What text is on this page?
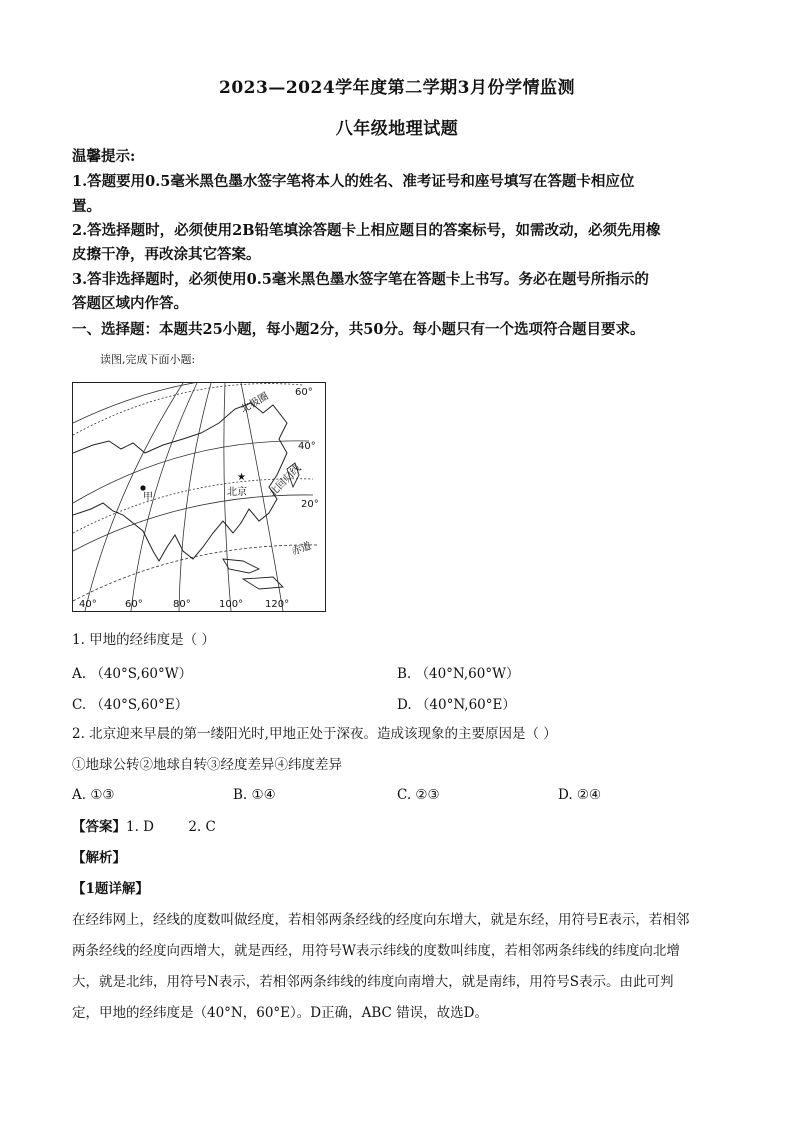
2023—2024学年度第二学期3月份学情监测
八年级地理试题
温馨提示:
1.答题要用0.5毫米黑色墨水签字笔将本人的姓名、准考证号和座号填写在答题卡相应位
置。
2.答选择题时，必须使用2B铅笔填涂答题卡上相应题目的答案标号，如需改动，必须先用橡
皮擦干净，再改涂其它答案。
3.答非选择题时，必须使用0.5毫米黑色墨水签字笔在答题卡上书写。务必在题号所指示的
答题区域内作答。
一、选择题：本题共25小题，每小题2分，共50分。每小题只有一个选项符合题目要求。
读图,完成下面小题:
甲
★
北京
北极圈
北回归线
赤道
60°
40°
20°
40°	60°	80°	100° 120°
1. 甲地的经纬度是（ ）
A. （40°S,60°W）	B. （40°N,60°W）
C. （40°S,60°E）	D. （40°N,60°E）
2. 北京迎来早晨的第一缕阳光时,甲地正处于深夜。造成该现象的主要原因是（ ）
①地球公转②地球自转③经度差异④纬度差异
A. ①③	B. ①④	C. ②③	D. ②④
【答案】1. D        2. C
【解析】
【1题详解】
在经纬网上，经线的度数叫做经度，若相邻两条经线的经度向东增大，就是东经，用符号E表示，若相邻
两条经线的经度向西增大，就是西经，用符号W表示纬线的度数叫纬度，若相邻两条纬线的纬度向北增
大，就是北纬，用符号N表示，若相邻两条纬线的纬度向南增大，就是南纬，用符号S表示。由此可判
定，甲地的经纬度是（40°N，60°E）。D正确，ABC 错误，故选D。
